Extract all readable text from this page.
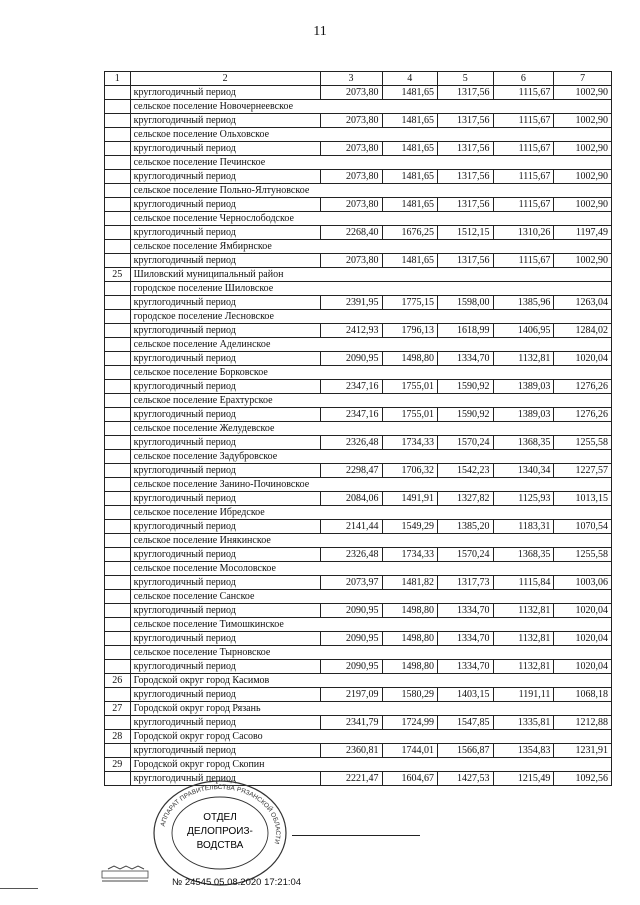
11
1	2	3	4	5	6	7
	круглогодичный период	2073,80	1481,65	1317,56	1115,67	1002,90
	сельское поселение Новочернеевское					
	круглогодичный период	2073,80	1481,65	1317,56	1115,67	1002,90
	сельское поселение Ольховское					
	круглогодичный период	2073,80	1481,65	1317,56	1115,67	1002,90
	сельское поселение Печинское					
	круглогодичный период	2073,80	1481,65	1317,56	1115,67	1002,90
	сельское поселение Польно-Ялтуновское					
	круглогодичный период	2073,80	1481,65	1317,56	1115,67	1002,90
	сельское поселение Чернослободское					
	круглогодичный период	2268,40	1676,25	1512,15	1310,26	1197,49
	сельское поселение Ямбирнское					
	круглогодичный период	2073,80	1481,65	1317,56	1115,67	1002,90
25	Шиловский муниципальный район					
	городское поселение Шиловское					
	круглогодичный период	2391,95	1775,15	1598,00	1385,96	1263,04
	городское поселение Лесновское					
	круглогодичный период	2412,93	1796,13	1618,99	1406,95	1284,02
	сельское поселение Аделинское					
	круглогодичный период	2090,95	1498,80	1334,70	1132,81	1020,04
	сельское поселение Борковское					
	круглогодичный период	2347,16	1755,01	1590,92	1389,03	1276,26
	сельское поселение Ерахтурское					
	круглогодичный период	2347,16	1755,01	1590,92	1389,03	1276,26
	сельское поселение Желудевское					
	круглогодичный период	2326,48	1734,33	1570,24	1368,35	1255,58
	сельское поселение Задубровское					
	круглогодичный период	2298,47	1706,32	1542,23	1340,34	1227,57
	сельское поселение Занино-Починовское					
	круглогодичный период	2084,06	1491,91	1327,82	1125,93	1013,15
	сельское поселение Ибредское					
	круглогодичный период	2141,44	1549,29	1385,20	1183,31	1070,54
	сельское поселение Инякинское					
	круглогодичный период	2326,48	1734,33	1570,24	1368,35	1255,58
	сельское поселение Мосоловское					
	круглогодичный период	2073,97	1481,82	1317,73	1115,84	1003,06
	сельское поселение Санское					
	круглогодичный период	2090,95	1498,80	1334,70	1132,81	1020,04
	сельское поселение Тимошкинское					
	круглогодичный период	2090,95	1498,80	1334,70	1132,81	1020,04
	сельское поселение Тырновское					
	круглогодичный период	2090,95	1498,80	1334,70	1132,81	1020,04
26	Городской округ город Касимов					
	круглогодичный период	2197,09	1580,29	1403,15	1191,11	1068,18
27	Городской округ город Рязань					
	круглогодичный период	2341,79	1724,99	1547,85	1335,81	1212,88
28	Городской округ город Сасово					
	круглогодичный период	2360,81	1744,01	1566,87	1354,83	1231,91
29	Городской округ город Скопин					
	круглогодичный период	2221,47	1604,67	1427,53	1215,49	1092,56
ОТДЕЛ
ДЕЛОПРОИЗ-
ВОДСТВА
АППАРАТ ПРАВИТЕЛЬСТВА РЯЗАНСКОЙ ОБЛАСТИ
№ 24545 05.08.2020 17:21:04
